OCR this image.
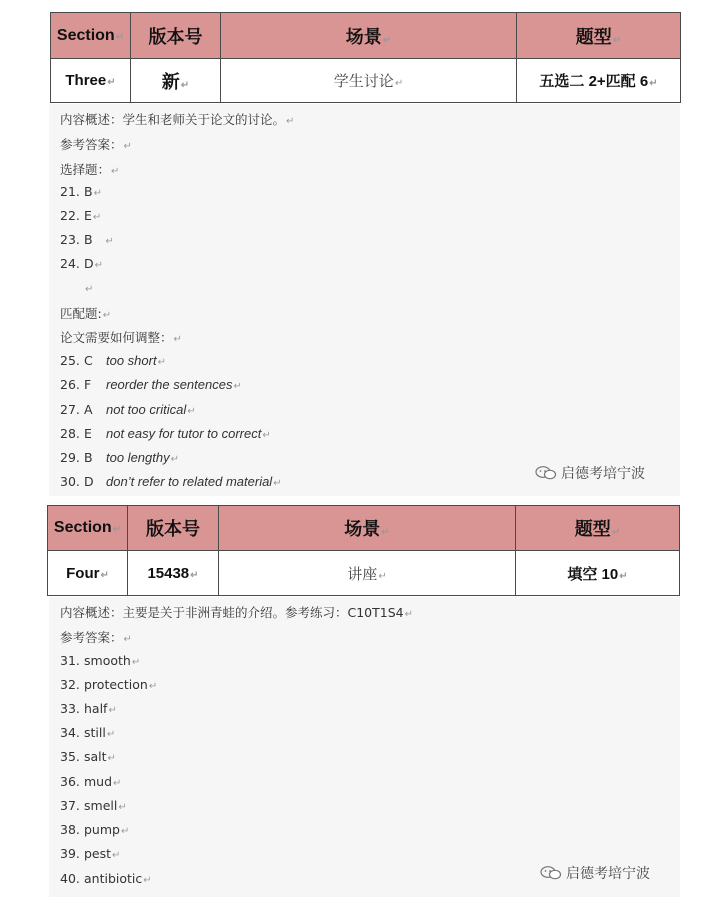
Section↵	版本号	场景↵	题型↵
Three↵	新↵	学生讨论↵	五选二 2+匹配 6↵
内容概述：学生和老师关于论文的讨论。↵
参考答案：↵
选择题：↵
21. B↵
22. E↵
23. B ↵
24. D↵
↵
匹配题:↵
论文需要如何调整：↵
25. C too short↵
26. F reorder the sentences↵
27. A not too critical↵
28. E not easy for tutor to correct↵
29. B too lengthy↵
30. D don’t refer to related material↵
启德考培宁波
Section↵	版本号	场景↵	题型↵
Four↵	15438↵	讲座↵	填空 10↵
内容概述：主要是关于非洲青蛙的介绍。参考练习：C10T1S4↵
参考答案：↵
31. smooth↵
32. protection↵
33. half↵
34. still↵
35. salt↵
36. mud↵
37. smell↵
38. pump↵
39. pest↵
40. antibiotic↵	启德考培宁波
